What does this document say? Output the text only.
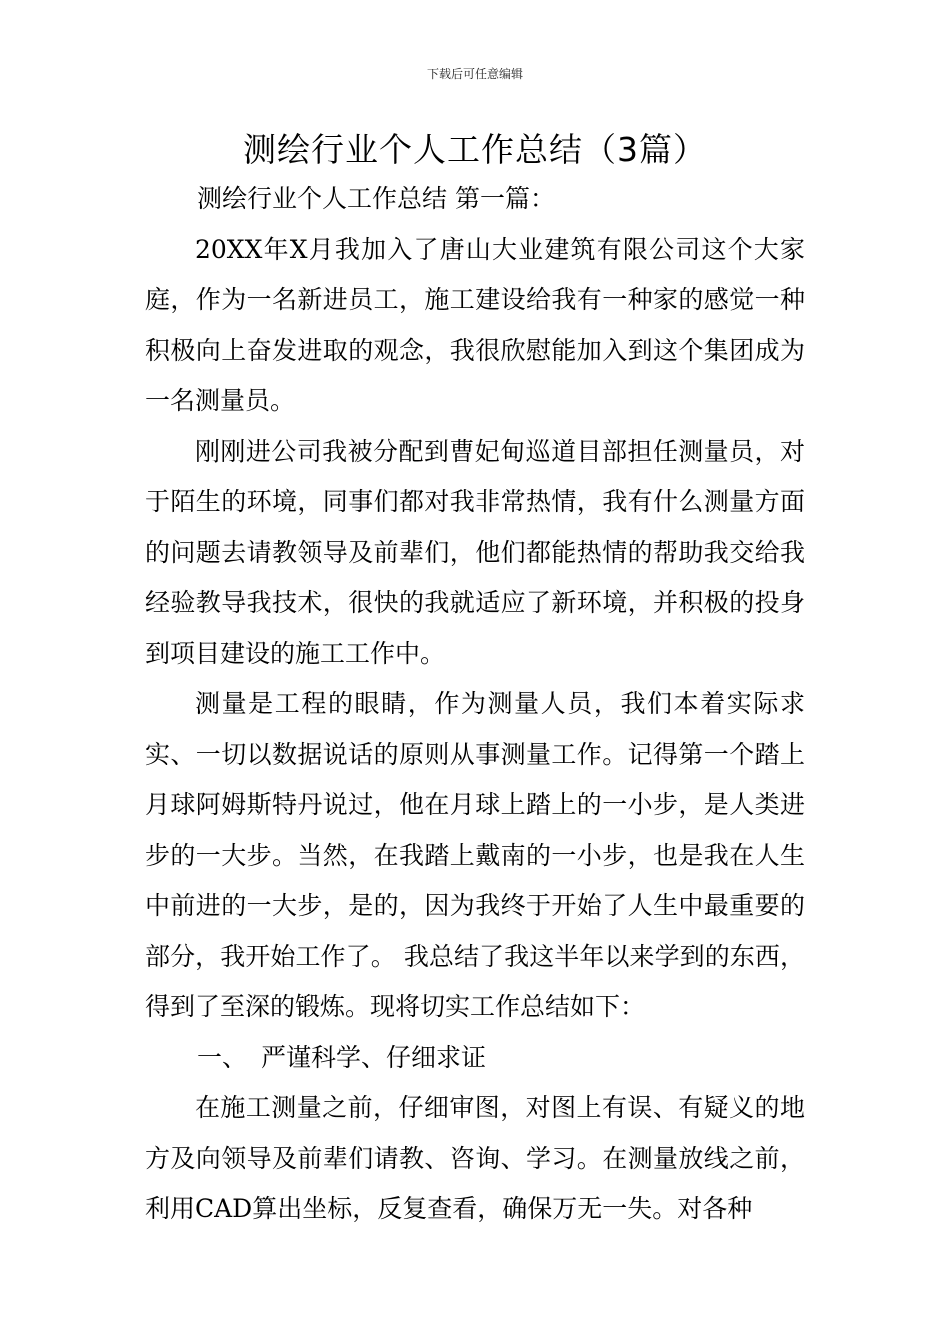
下载后可任意编辑
测绘行业个人工作总结（3篇）

测绘行业个人工作总结 第一篇：

20XX年X月我加入了唐山大业建筑有限公司这个大家庭，作为一名新进员工，施工建设给我有一种家的感觉一种积极向上奋发进取的观念，我很欣慰能加入到这个集团成为一名测量员。

刚刚进公司我被分配到曹妃甸巡道目部担任测量员，对于陌生的环境，同事们都对我非常热情，我有什么测量方面的问题去请教领导及前辈们，他们都能热情的帮助我交给我经验教导我技术，很快的我就适应了新环境，并积极的投身到项目建设的施工工作中。

测量是工程的眼睛，作为测量人员，我们本着实际求实、一切以数据说话的原则从事测量工作。记得第一个踏上月球阿姆斯特丹说过，他在月球上踏上的一小步，是人类进步的一大步。当然，在我踏上戴南的一小步，也是我在人生中前进的一大步，是的，因为我终于开始了人生中最重要的部分，我开始工作了。 我总结了我这半年以来学到的东西，得到了至深的锻炼。现将切实工作总结如下：

一、 严谨科学、仔细求证

在施工测量之前，仔细审图，对图上有误、有疑义的地方及向领导及前辈们请教、咨询、学习。在测量放线之前，利用CAD算出坐标，反复查看，确保万无一失。对各种
